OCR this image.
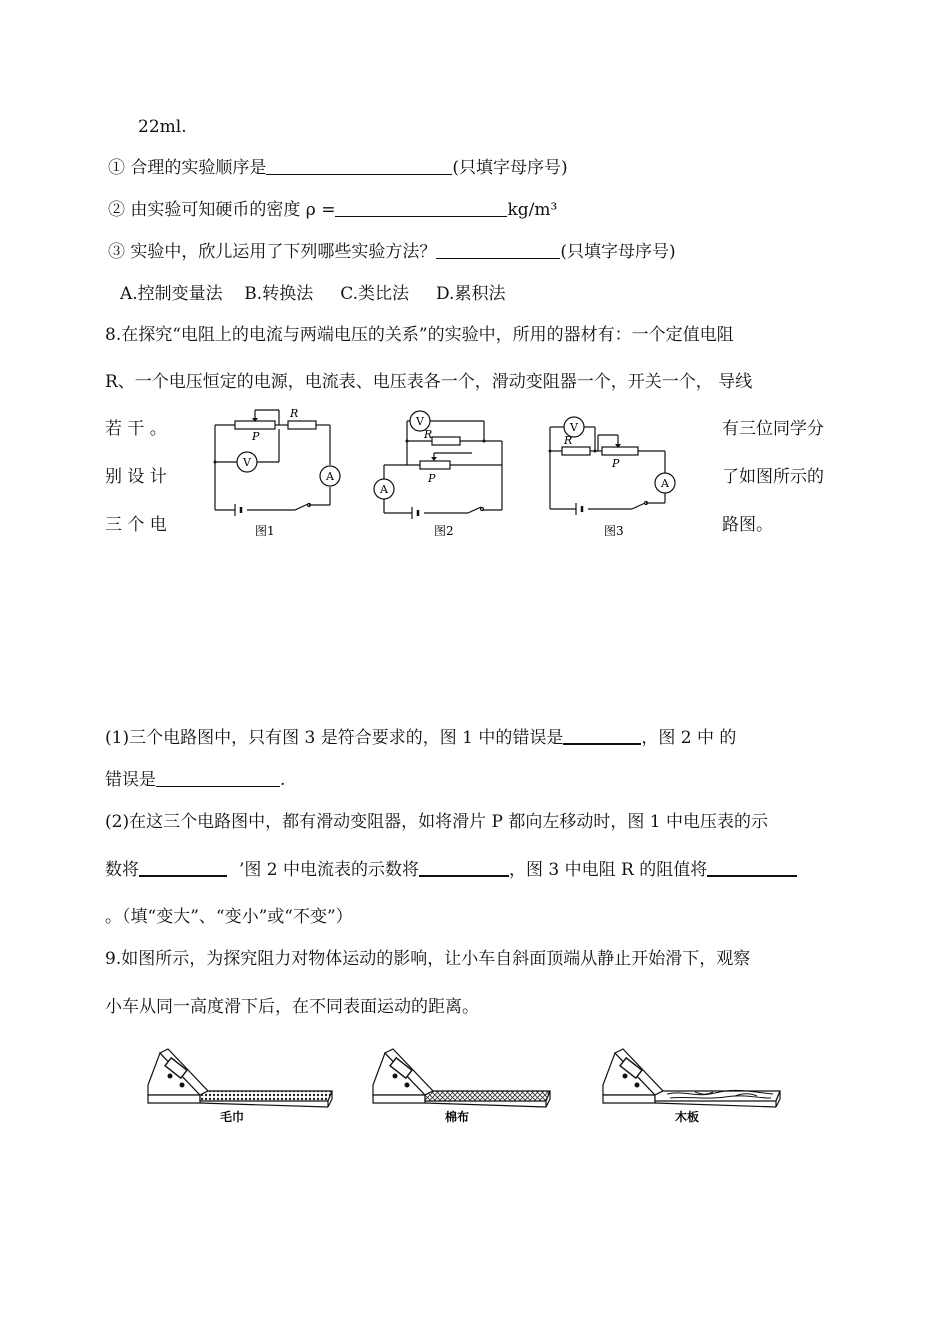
22ml.
① 合理的实验顺序是	(只填字母序号)
② 由实验可知硬币的密度 ρ =	kg/m³
③ 实验中，欣儿运用了下列哪些实验方法？	(只填字母序号)
A.控制变量法    B.转换法     C.类比法     D.累积法
8.在探究“电阻上的电流与两端电压的关系”的实验中，所用的器材有：一个定值电阻
R、一个电压恒定的电源，电流表、电压表各一个，滑动变阻器一个，开关一个， 导线
若 干 。	有三位同学分
别 设 计	了如图所示的
三 个 电	路图。
R
P
V
A
图1
V
R
P
A
图2
V
R
P
A
图3
(1)三个电路图中，只有图 3 是符合要求的，图 1 中的错误是	，图 2 中 的
错误是	.
(2)在这三个电路图中，都有滑动变阻器，如将滑片 P 都向左移动时，图 1 中电压表的示
数将	’图 2 中电流表的示数将	，图 3 中电阻 R 的阻值将
。（填“变大”、“变小”或“不变”）
9.如图所示，为探究阻力对物体运动的影响，让小车自斜面顶端从静止开始滑下，观察
小车从同一高度滑下后，在不同表面运动的距离。
毛巾	棉布	木板
